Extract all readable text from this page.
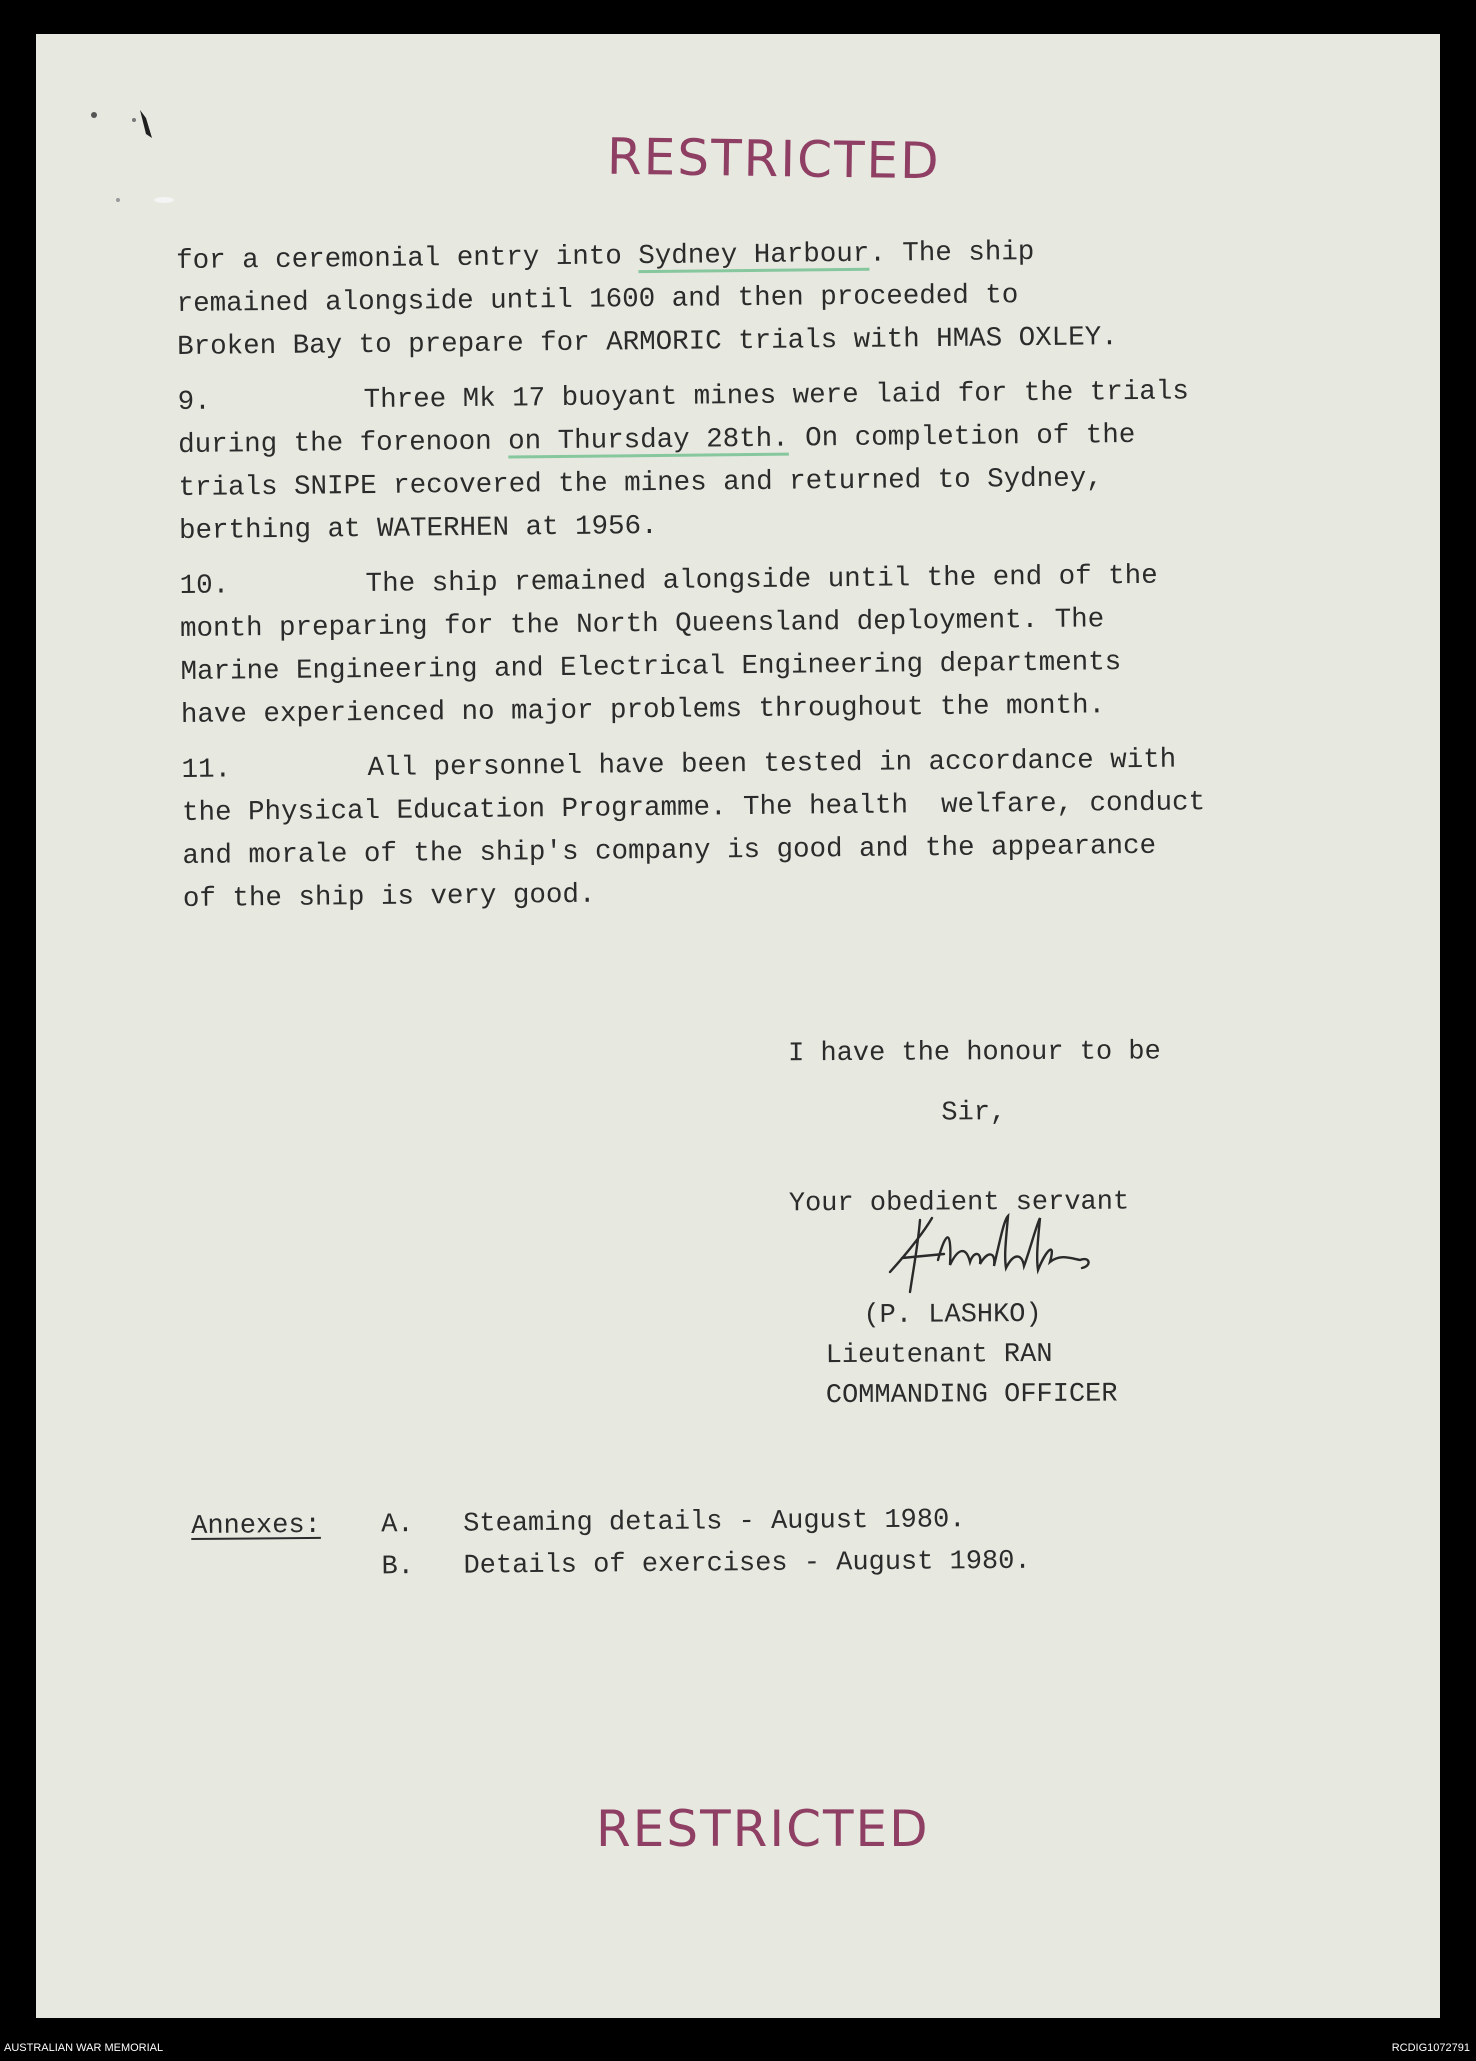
RESTRICTED
for a ceremonial entry into Sydney Harbour. The ship
remained alongside until 1600 and then proceeded to
Broken Bay to prepare for ARMORIC trials with HMAS OXLEY.
9.	Three Mk 17 buoyant mines were laid for the trials
during the forenoon on Thursday 28th. On completion of the
trials SNIPE recovered the mines and returned to Sydney,
berthing at WATERHEN at 1956.
10.	The ship remained alongside until the end of the
month preparing for the North Queensland deployment. The
Marine Engineering and Electrical Engineering departments
have experienced no major problems throughout the month.
11.	All personnel have been tested in accordance with
the Physical Education Programme. The health  welfare, conduct
and morale of the ship's company is good and the appearance
of the ship is very good.
I have the honour to be
Sir,
Your obedient servant
(P. LASHKO)
Lieutenant RAN
COMMANDING OFFICER
Annexes: A. Steaming details - August 1980.
B. Details of exercises - August 1980.
RESTRICTED
AUSTRALIAN WAR MEMORIAL	RCDIG1072791
